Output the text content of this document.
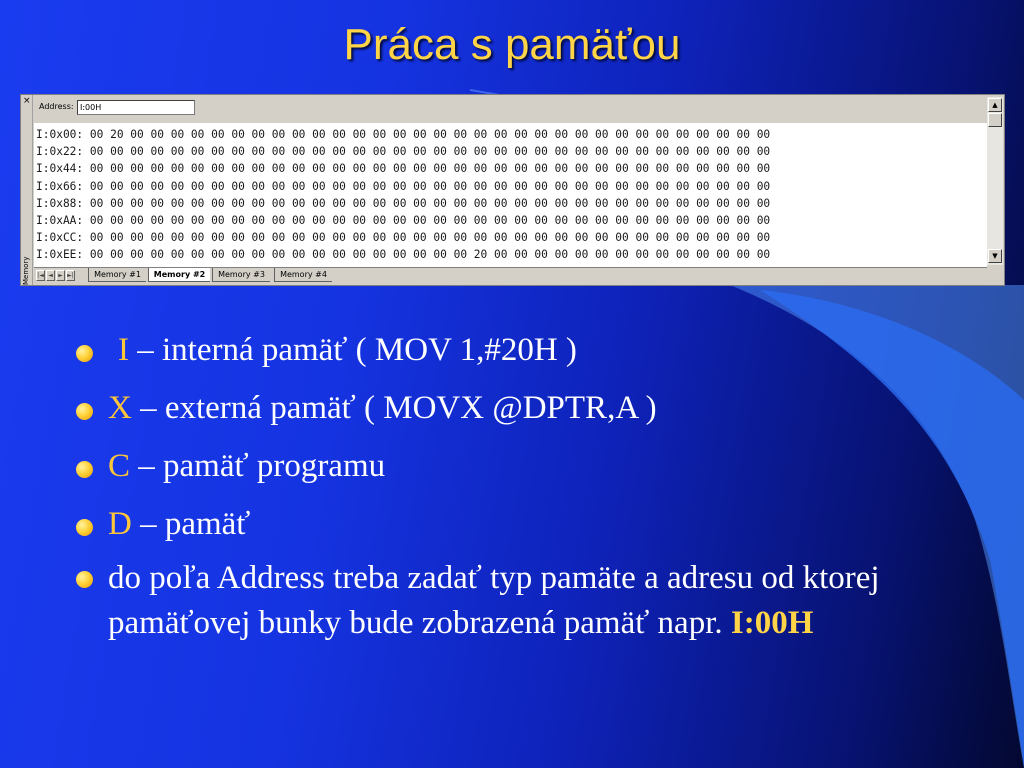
Práca s pamäťou
×
Memory
Address: I:00H
I:0x00: 00 20 00 00 00 00 00 00 00 00 00 00 00 00 00 00 00 00 00 00 00 00 00 00 00 00 00 00 00 00 00 00 00 00
I:0x22: 00 00 00 00 00 00 00 00 00 00 00 00 00 00 00 00 00 00 00 00 00 00 00 00 00 00 00 00 00 00 00 00 00 00
I:0x44: 00 00 00 00 00 00 00 00 00 00 00 00 00 00 00 00 00 00 00 00 00 00 00 00 00 00 00 00 00 00 00 00 00 00
I:0x66: 00 00 00 00 00 00 00 00 00 00 00 00 00 00 00 00 00 00 00 00 00 00 00 00 00 00 00 00 00 00 00 00 00 00
I:0x88: 00 00 00 00 00 00 00 00 00 00 00 00 00 00 00 00 00 00 00 00 00 00 00 00 00 00 00 00 00 00 00 00 00 00
I:0xAA: 00 00 00 00 00 00 00 00 00 00 00 00 00 00 00 00 00 00 00 00 00 00 00 00 00 00 00 00 00 00 00 00 00 00
I:0xCC: 00 00 00 00 00 00 00 00 00 00 00 00 00 00 00 00 00 00 00 00 00 00 00 00 00 00 00 00 00 00 00 00 00 00
I:0xEE: 00 00 00 00 00 00 00 00 00 00 00 00 00 00 00 00 00 00 00 20 00 00 00 00 00 00 00 00 00 00 00 00 00 00
▲
▼
|◄ ◄ ► ►|	Memory #1	Memory #2	Memory #3	Memory #4
I – interná pamäť ( MOV 1,#20H )
X – externá pamäť ( MOVX @DPTR,A )
C – pamäť programu
D – pamäť
do poľa Address treba zadať typ pamäte a adresu od ktorej pamäťovej bunky bude zobrazená pamäť napr. I:00H
